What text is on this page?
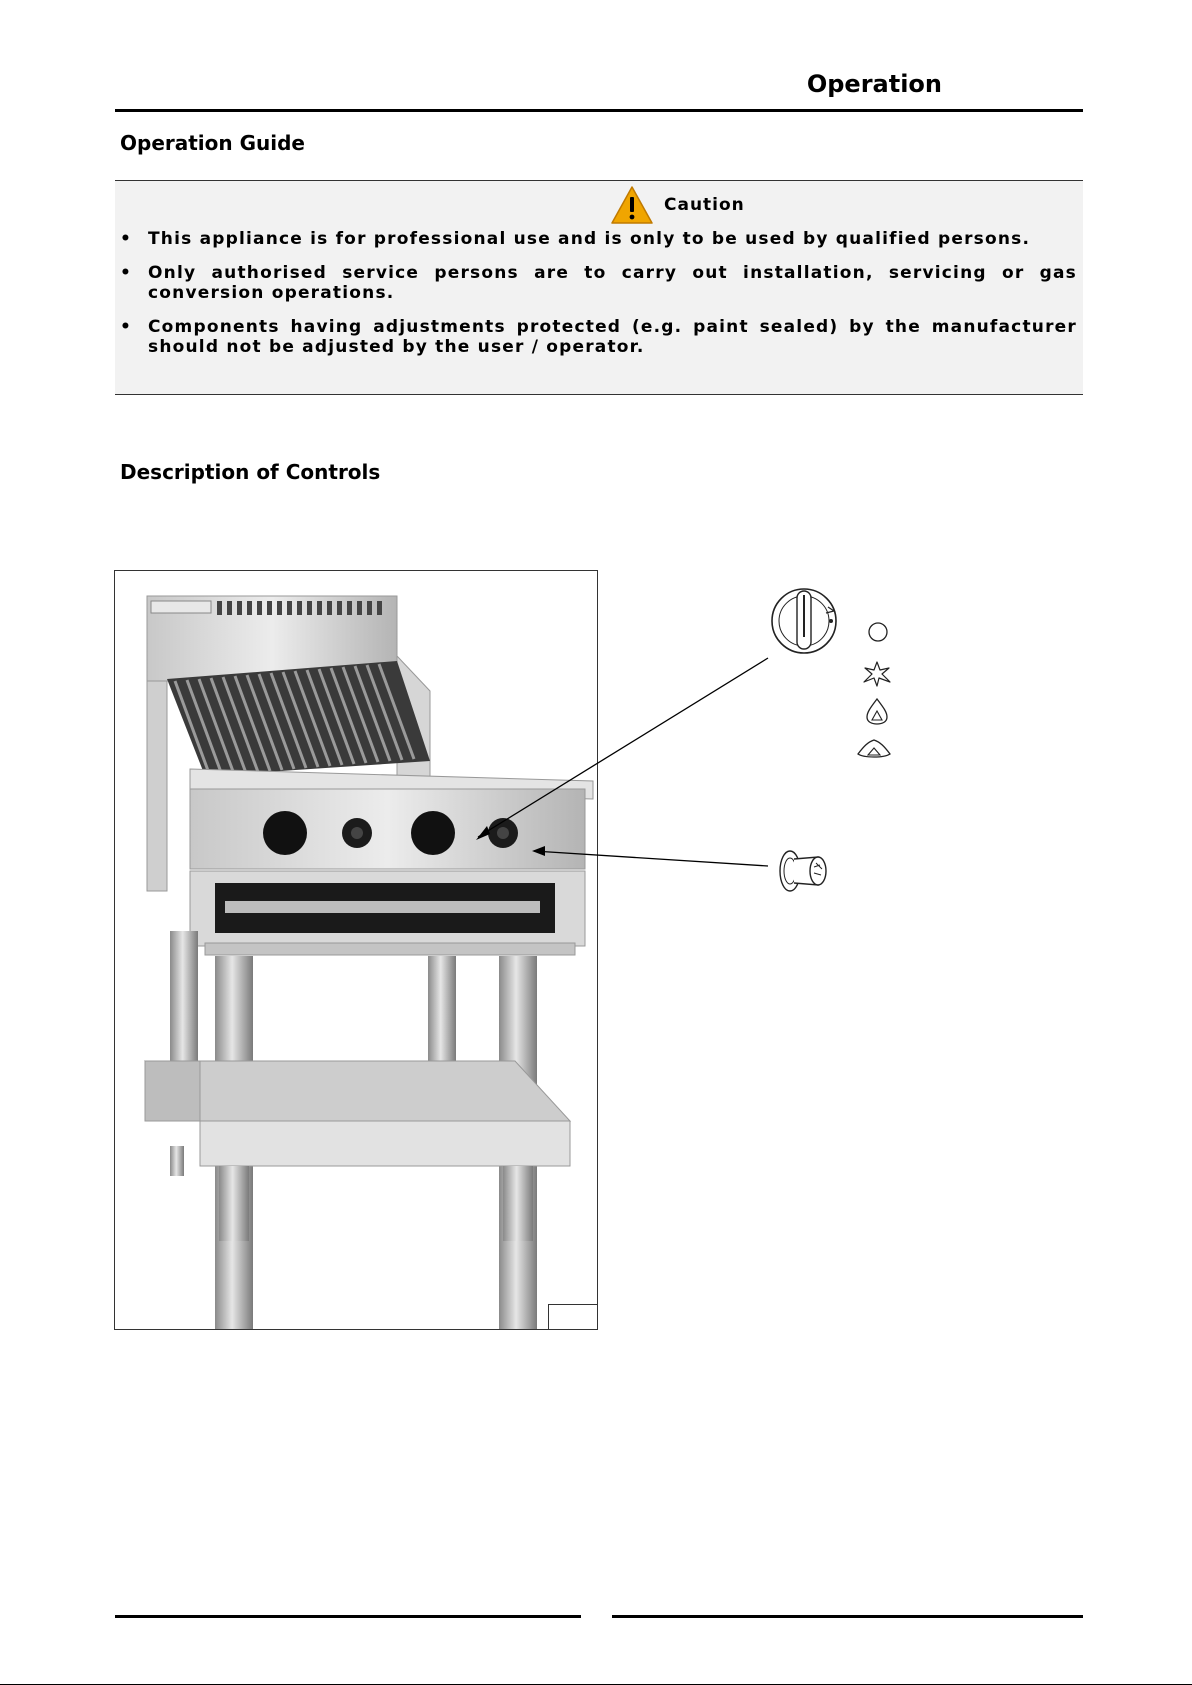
Operation
Operation Guide
Caution
• This appliance is for professional use and is only to be used by qualified persons.
• Only authorised service persons are to carry out installation, servicing or gas conversion operations.
• Components having adjustments protected (e.g. paint sealed) by the manufacturer should not be adjusted by the user / operator.
Description of Controls
